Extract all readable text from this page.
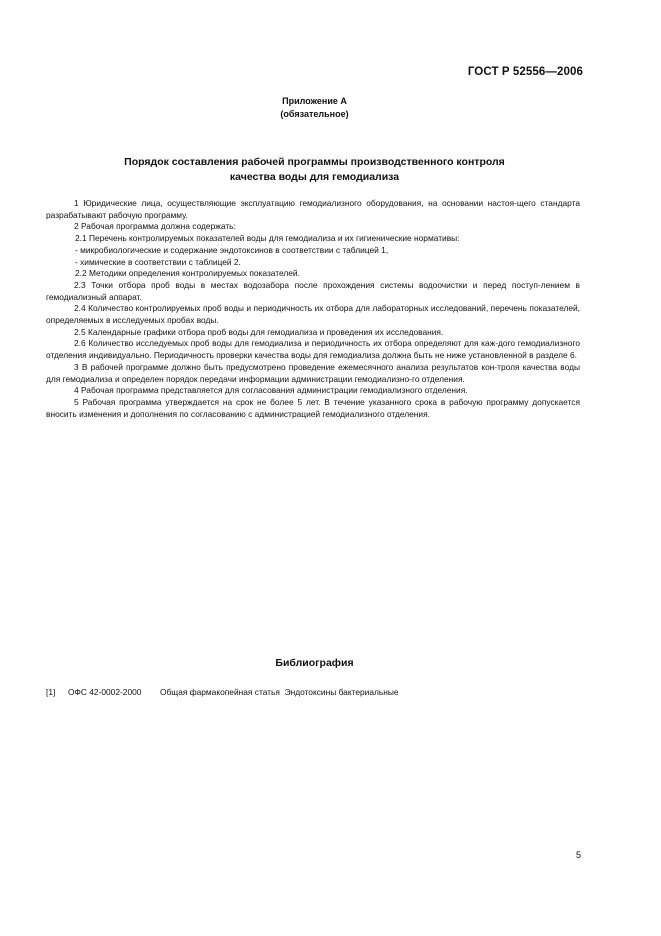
ГОСТ Р 52556—2006
Приложение А
(обязательное)
Порядок составления рабочей программы производственного контроля
качества воды для гемодиализа

1 Юридические лица, осуществляющие эксплуатацию гемодиализного оборудования, на основании настоя-щего стандарта разрабатывают рабочую программу.

2 Рабочая программа должна содержать:

2.1 Перечень контролируемых показателей воды для гемодиализа и их гигиенические нормативы:

- микробиологические и содержание эндотоксинов в соответствии с таблицей 1,

- химические в соответствии с таблицей 2.

2.2 Методики определения контролируемых показателей.

2.3 Точки отбора проб воды в местах водозабора после прохождения системы водоочистки и перед поступ-лением в гемодиализный аппарат.

2.4 Количество контролируемых проб воды и периодичность их отбора для лабораторных исследований, перечень показателей, определяемых в исследуемых пробах воды.

2.5 Календарные графики отбора проб воды для гемодиализа и проведения их исследования.

2.6 Количество исследуемых проб воды для гемодиализа и периодичность их отбора определяют для каж-дого гемодиализного отделения индивидуально. Периодичность проверки качества воды для гемодиализа должна быть не ниже установленной в разделе 6.

3 В рабочей программе должно быть предусмотрено проведение ежемесячного анализа результатов кон-троля качества воды для гемодиализа и определен порядок передачи информации администрации гемодиализно-го отделения.

4 Рабочая программа представляется для согласования администрации гемодиализного отделения.

5 Рабочая программа утверждается на срок не более 5 лет. В течение указанного срока в рабочую программу допускается вносить изменения и дополнения по согласованию с администрацией гемодиализного отделения.

Библиография
[1] ОФС 42-0002-2000 Общая фармакопейная статья  Эндотоксины бактериальные
5
